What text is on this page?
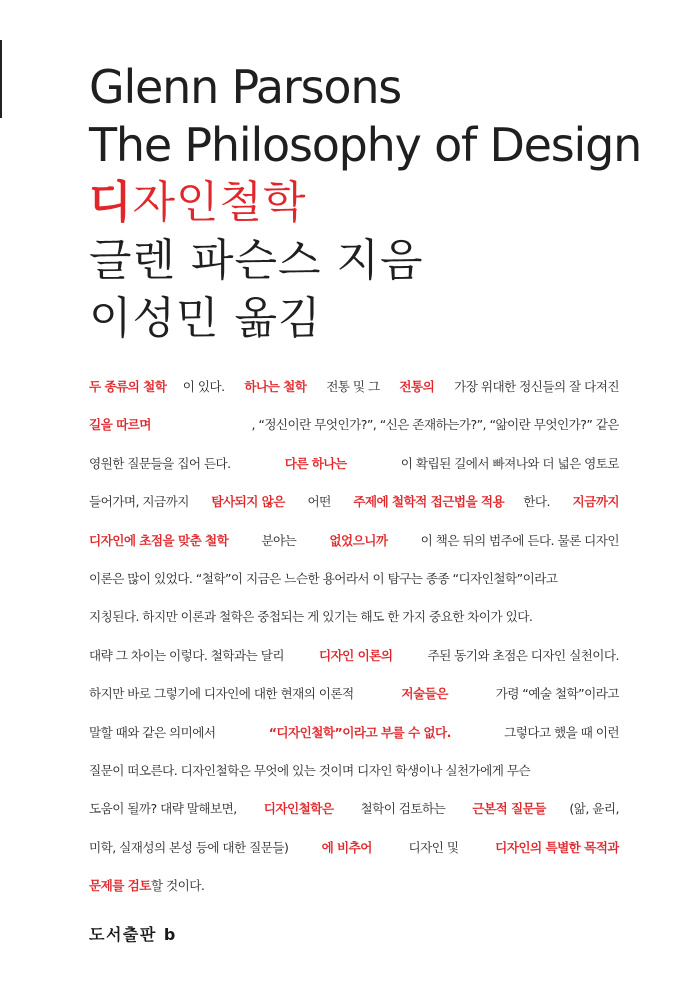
Glenn Parsons
The Philosophy of Design
디자인철학
글렌 파슨스 지음
이성민 옮김
두 종류의 철학 이 있다. 하나는 철학 전통 및 그 전통의 가장 위대한 정신들의 잘 다져진
길을 따르며	, “정신이란 무엇인가?”, “신은 존재하는가?”, “앎이란 무엇인가?” 같은
영원한 질문들을 집어 든다.	다른 하나는	이 확립된 길에서 빠져나와 더 넓은 영토로
들어가며, 지금까지 탐사되지 않은 어떤 주제에 철학적 접근법을 적용 한다. 지금까지
디자인에 초점을 맞춘 철학 분야는 없었으니까 이 책은 뒤의 범주에 든다. 물론 디자인
이론은 많이 있었다. “철학”이 지금은 느슨한 용어라서 이 탐구는 종종 “디자인철학”이라고
지칭된다. 하지만 이론과 철학은 중첩되는 게 있기는 해도 한 가지 중요한 차이가 있다.
대략 그 차이는 이렇다. 철학과는 달리	디자인 이론의	주된 동기와 초점은 디자인 실천이다.
하지만 바로 그렇기에 디자인에 대한 현재의 이론적	저술들은	가령 “예술 철학”이라고
말할 때와 같은 의미에서	“디자인철학”이라고 부를 수 없다.	그렇다고 했을 때 이런
질문이 떠오른다. 디자인철학은 무엇에 있는 것이며 디자인 학생이나 실천가에게 무슨
도움이 될까? 대략 말해보면, 디자인철학은 철학이 검토하는 근본적 질문들 (앎, 윤리,
미학, 실재성의 본성 등에 대한 질문들)	에 비추어	디자인 및	디자인의 특별한 목적과
문제를 검토 할 것이다.
도서출판 b
